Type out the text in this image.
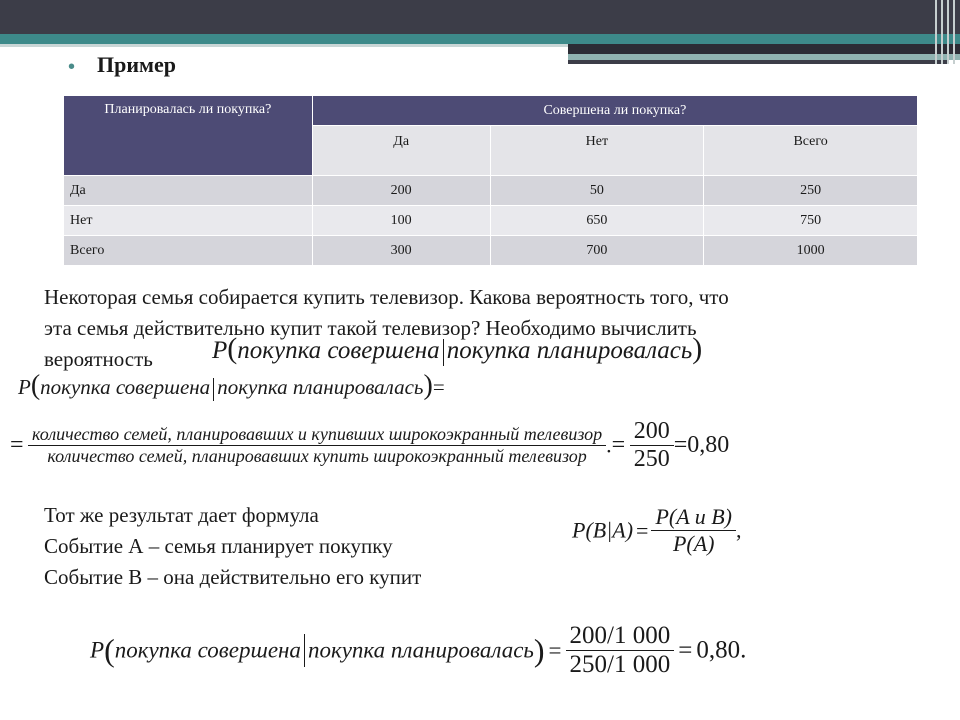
• Пример
Планировалась ли покупка?	Совершена ли покупка?		
	Да	Нет	Всего
Да	200	50	250
Нет	100	650	750
Всего	300	700	1000
Некоторая семья собирается купить телевизор. Какова вероятность того, что
эта семья действительно купит такой телевизор? Необходимо вычислить
вероятность	P(покупка совершена покупка планировалась)
P(покупка совершена покупка планировалась)=
= количество семей, планировавших и купивших широкоэкранный телевизор
количество семей, планировавших купить широкоэкранный телевизор .= $\frac{200}{250} =0,80$
Тот же результат дает формула
Событие А – семья планирует покупку
Событие В – она действительно его купит
$P(B|A) = \frac{\text{P(A и B)}}{P(A)}$ ,
P(покупка совершена покупка планировалась) = $\frac{200/1 000}{250/1 000} = 0,80$.
